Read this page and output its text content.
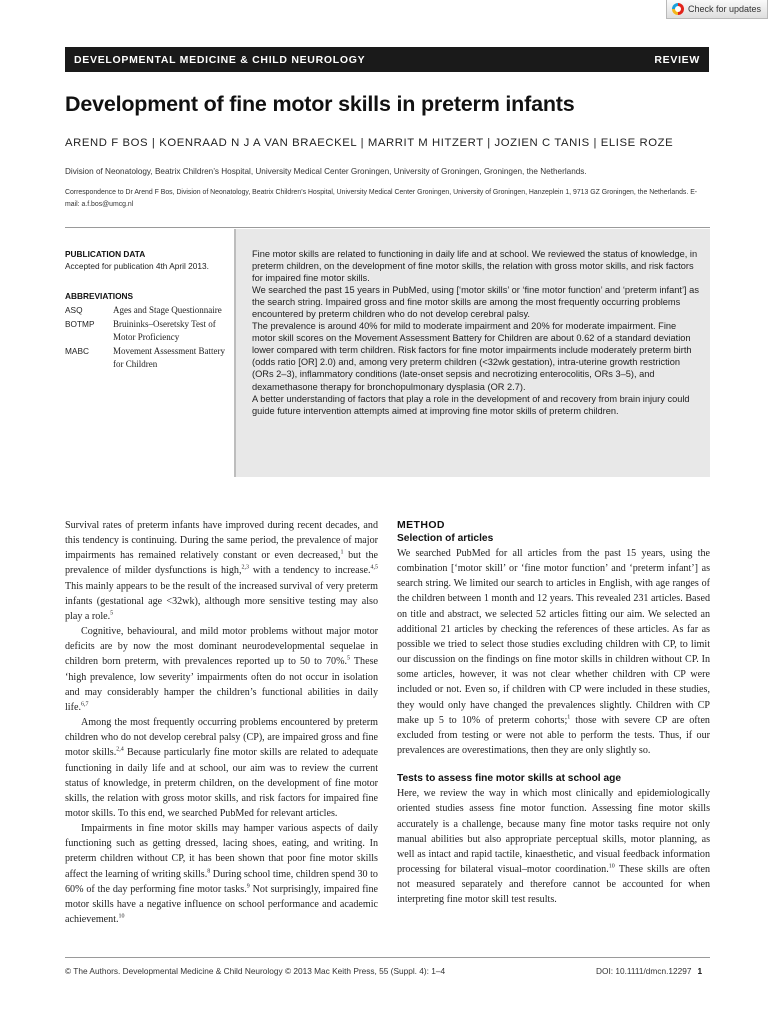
Check for updates
DEVELOPMENTAL MEDICINE & CHILD NEUROLOGY	REVIEW
Development of fine motor skills in preterm infants
AREND F BOS | KOENRAAD N J A VAN BRAECKEL | MARRIT M HITZERT | JOZIEN C TANIS | ELISE ROZE
Division of Neonatology, Beatrix Children’s Hospital, University Medical Center Groningen, University of Groningen, Groningen, the Netherlands.
Correspondence to Dr Arend F Bos, Division of Neonatology, Beatrix Children’s Hospital, University Medical Center Groningen, University of Groningen, Hanzeplein 1, 9713 GZ Groningen, the Netherlands. E-mail: a.f.bos@umcg.nl
PUBLICATION DATA
Accepted for publication 4th April 2013.
ABBREVIATIONS
ASQ	Ages and Stage Questionnaire
BOTMP	Bruininks–Oseretsky Test of Motor Proficiency
MABC	Movement Assessment Battery for Children

Fine motor skills are related to functioning in daily life and at school. We reviewed the status of knowledge, in preterm children, on the development of fine motor skills, the relation with gross motor skills, and risk factors for impaired fine motor skills.

We searched the past 15 years in PubMed, using [‘motor skills’ or ‘fine motor function’ and ‘preterm infant’] as the search string. Impaired gross and fine motor skills are among the most frequently occurring problems encountered by preterm children who do not develop cerebral palsy.

The prevalence is around 40% for mild to moderate impairment and 20% for moderate impairment. Fine motor skill scores on the Movement Assessment Battery for Children are about 0.62 of a standard deviation lower compared with term children. Risk factors for fine motor impairments include moderately preterm birth (odds ratio [OR] 2.0) and, among very preterm children (<32wk gestation), intra-uterine growth restriction (ORs 2–3), inflammatory conditions (late-onset sepsis and necrotizing enterocolitis, ORs 3–5), and dexamethasone therapy for bronchopulmonary dysplasia (OR 2.7).

A better understanding of factors that play a role in the development of and recovery from brain injury could guide future intervention attempts aimed at improving fine motor skills of preterm children.

Survival rates of preterm infants have improved during recent decades, and this tendency is continuing. During the same period, the prevalence of major impairments has remained relatively constant or even decreased,$^1$ but the prevalence of milder dysfunctions is high,$^{2,3}$ with a tendency to increase.$^{4,5}$ This mainly appears to be the result of the increased survival of very preterm infants (gestational age <32wk), although more sensitive testing may also play a role.$^5$

Cognitive, behavioural, and mild motor problems without major motor deficits are by now the most dominant neurodevelopmental sequelae in children born preterm, with prevalences reported up to 50 to 70%.$^5$ These ‘high prevalence, low severity’ impairments often do not occur in isolation and may considerably hamper the children’s functional abilities in daily life.$^{6,7}$

Among the most frequently occurring problems encountered by preterm children who do not develop cerebral palsy (CP), are impaired gross and fine motor skills.$^{2,4}$ Because particularly fine motor skills are related to adequate functioning in daily life and at school, our aim was to review the current status of knowledge, in preterm children, on the development of fine motor skills, the relation with gross motor skills, and risk factors for impaired fine motor skills. To this end, we searched PubMed for relevant articles.

Impairments in fine motor skills may hamper various aspects of daily functioning such as getting dressed, lacing shoes, eating, and writing. In preterm children without CP, it has been shown that poor fine motor skills affect the learning of writing skills.$^8$ During school time, children spend 30 to 60% of the day performing fine motor tasks.$^9$ Not surprisingly, impaired fine motor skills have a negative influence on school performance and academic achievement.$^{10}$

METHOD
Selection of articles

We searched PubMed for all articles from the past 15 years, using the combination [‘motor skill’ or ‘fine motor function’ and ‘preterm infant’] as search string. We limited our search to articles in English, with age ranges of the children between 1 month and 12 years. This revealed 231 articles. Based on title and abstract, we selected 52 articles fitting our aim. We selected an additional 21 articles by checking the references of these articles. As far as possible we tried to select those studies excluding children with CP, to limit our discussion on the findings on fine motor skills in children without CP. In some articles, however, it was not clear whether children with CP were included or not. Even so, if children with CP were included in these studies, they would only have changed the prevalences slightly. Children with CP make up 5 to 10% of preterm cohorts;$^1$ those with severe CP are often excluded from testing or were not able to perform the tests. Thus, if our prevalences are overestimations, then they are only slightly so.

Tests to assess fine motor skills at school age

Here, we review the way in which most clinically and epidemiologically oriented studies assess fine motor function. Assessing fine motor skills accurately is a challenge, because many fine motor tasks require not only manual abilities but also appropriate perceptual skills, motor planning, as well as intact and rapid tactile, kinaesthetic, and visual feedback information processing for bilateral visual–motor coordination.$^{10}$ These skills are often not measured separately and therefore cannot be accounted for when interpreting fine motor skill test results.

© The Authors. Developmental Medicine & Child Neurology © 2013 Mac Keith Press, 55 (Suppl. 4): 1–4	DOI: 10.1111/dmcn.12297 1
